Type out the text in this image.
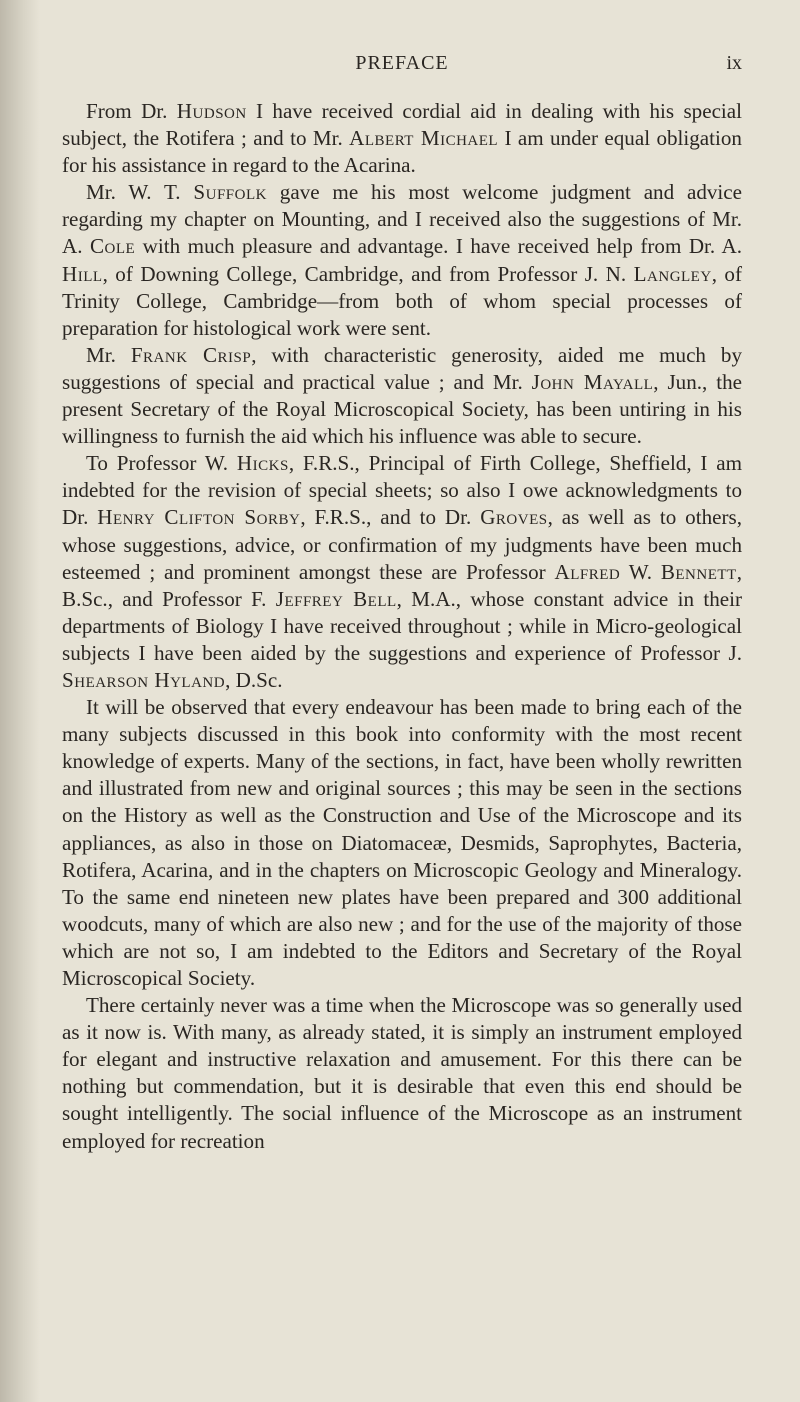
PREFACE	ix

From Dr. Hudson I have received cordial aid in dealing with his special subject, the Rotifera ; and to Mr. Albert Michael I am under equal obligation for his assistance in regard to the Acarina.

Mr. W. T. Suffolk gave me his most welcome judgment and advice regarding my chapter on Mounting, and I received also the suggestions of Mr. A. Cole with much pleasure and advantage. I have received help from Dr. A. Hill, of Downing College, Cambridge, and from Professor J. N. Langley, of Trinity College, Cambridge—from both of whom special processes of preparation for histological work were sent.

Mr. Frank Crisp, with characteristic generosity, aided me much by suggestions of special and practical value ; and Mr. John Mayall, Jun., the present Secretary of the Royal Microscopical Society, has been untiring in his willingness to furnish the aid which his influence was able to secure.

To Professor W. Hicks, F.R.S., Principal of Firth College, Sheffield, I am indebted for the revision of special sheets; so also I owe acknowledgments to Dr. Henry Clifton Sorby, F.R.S., and to Dr. Groves, as well as to others, whose suggestions, advice, or confirmation of my judgments have been much esteemed ; and prominent amongst these are Professor Alfred W. Bennett, B.Sc., and Professor F. Jeffrey Bell, M.A., whose constant advice in their departments of Biology I have received throughout ; while in Micro-geological subjects I have been aided by the suggestions and experience of Professor J. Shearson Hyland, D.Sc.

It will be observed that every endeavour has been made to bring each of the many subjects discussed in this book into conformity with the most recent knowledge of experts. Many of the sections, in fact, have been wholly rewritten and illustrated from new and original sources ; this may be seen in the sections on the History as well as the Construction and Use of the Microscope and its appliances, as also in those on Diatomaceæ, Desmids, Saprophytes, Bacteria, Rotifera, Acarina, and in the chapters on Microscopic Geology and Mineralogy. To the same end nineteen new plates have been prepared and 300 additional woodcuts, many of which are also new ; and for the use of the majority of those which are not so, I am indebted to the Editors and Secretary of the Royal Microscopical Society.

There certainly never was a time when the Microscope was so generally used as it now is. With many, as already stated, it is simply an instrument employed for elegant and instructive relaxation and amusement. For this there can be nothing but commendation, but it is desirable that even this end should be sought intelligently. The social influence of the Microscope as an instrument employed for recreation
